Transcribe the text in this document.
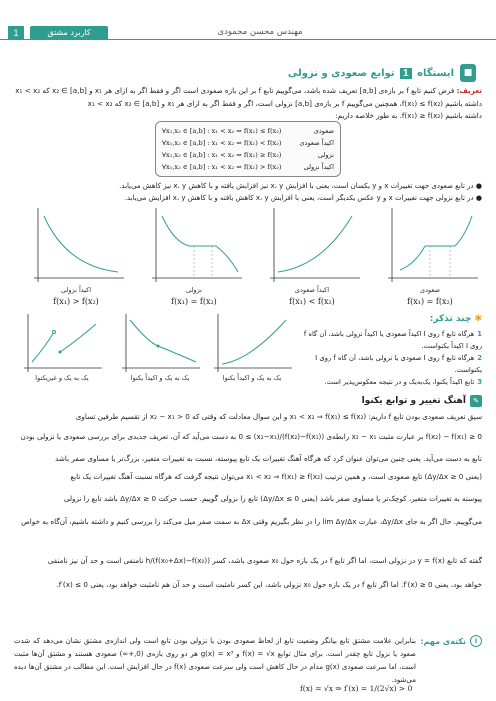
1	کاربرد مشتق	مهندس محسن محمودی
■
ایستگاه 1 توابع صعودی و نزولی
تعریف: فرض کنیم تابع f بر بازه‌ی [a,b] تعریف شده باشد، می‌گوییم تابع f بر این بازه صعودی است اگر و فقط اگر به ازای هر x₁ و x₂ ∈ [a,b] که x₁ < x₂
داشته باشیم f(x₁) ≤ f(x₂)، همچنین می‌گوییم f بر بازه‌ی [a,b] نزولی است، اگر و فقط اگر به ازای هر x₁ و x₂ ∈ [a,b] که x₁ < x₂
داشته باشیم f(x₁) ≥ f(x₂). به طور خلاصه داریم:
صعودی
∀x₁,x₂ ∈ [a,b] : x₁ < x₂ ⇒ f(x₁) ≤ f(x₂)
اکیداً صعودی
∀x₁,x₂ ∈ [a,b] : x₁ < x₂ ⇒ f(x₁) < f(x₂)
نزولی
∀x₁,x₂ ∈ [a,b] : x₁ < x₂ ⇒ f(x₁) ≥ f(x₂)
اکیداً نزولی
∀x₁,x₂ ∈ [a,b] : x₁ < x₂ ⇒ f(x₁) > f(x₂)
● در تابع صعودی جهت تغییرات x و y یکسان است، یعنی با افزایش x، y نیز افزایش یافته و با کاهش x، y نیز کاهش می‌یابد.
● در تابع نزولی جهت تغییرات x و y عکس یکدیگر است، یعنی با افزایش x، y کاهش یافته و با کاهش x، y افزایش می‌یابد.
صعودی
f(x₁) = f(x₂)
اکیداً صعودی
f(x₁) < f(x₂)
نزولی
f(x₁) = f(x₂)
اکیداً نزولی
f(x₁) > f(x₂)
یک به یک و غیریکنوا	یک به یک و اکیداً یکنوا	یک به یک و اکیداً یکنوا
✱ چند تذکر:
1هرگاه تابع f روی I اکیداً صعودی یا اکیداً نزولی باشد، آن گاه f روی I اکیداً یکنواست.
2هرگاه تابع f روی I صعودی یا نزولی باشد، آن گاه f روی I یکنواست.
3تابع اکیداً یکنوا، یک‌به‌یک و در نتیجه معکوس‌پذیر است.
✎
آهنگ تغییر و توابع یکنوا
سیق تعریف صعودی بودن تابع f داریم: x₁ < x₂ ⇒ f(x₁) ≤ f(x₂) و این سوال معادلت که وقتی که x₂ − x₁ > 0 از تقسیم طرفین تساوی
f(x₂) − f(x₁) ≥ 0 بر عبارت مثبت x₂ − x₁ رابطه‌ی (f(x₂)−f(x₁))/(x₂−x₁) ≥ 0 به دست می‌آید که آن، تعریف جدیدی برای بررسی صعودی یا نزولی بودن
تابع به دست می‌آید. یعنی چنین می‌توان عنوان کرد که هرگاه آهنگ تغییرات یک تابع پیوسته، نسبت به تغییرات متغیر، بزرگ‌تر یا مساوی صفر باشد
(یعنی Δy/Δx ≥ 0) تابع صعودی است، و همین ترتیب x₁ < x₂ ⇒ f(x₁) ≥ f(x₂) می‌توان نتیجه گرفت که هرگاه نسبت آهنگ تغییرات یک تابع
پیوسته به تغییرات متغیر، کوچک‌تر یا مساوی صفر باشد (یعنی Δy/Δx ≤ 0) تابع را نزولی گوییم. حسب حرکت Δy/Δx ≥ 0 باشد تابع را نزولی
می‌گوییم. حال اگر به جای Δy/Δx، عبارت lim Δy/Δx را در نظر بگیریم وقتی Δx به سمت صفر میل می‌کند را بررسی کنیم و داشته باشیم، آن‌گاه به خواص
گفته که تابع y = f(x) در نزولی است، اما اگر تابع f در یک بازه حول x₀ صعودی باشد، کسر (f(x₀+Δx)−f(x₀))/h نامنفی است و حد آن نیز نامنفی
خواهد بود، یعنی f′(x) ≥ 0. اما اگر تابع f در یک بازه حول x₀ نزولی باشد، این کسر نامثبت است و حد آن هم نامثبت خواهد بود، یعنی f′(x) ≤ 0.
i
نکته‌ی مهم:
بنابراین علامت مشتق تابع بیانگر وضعیت تابع از لحاظ صعودی بودن یا نزولی بودن تابع است ولی اندازه‌ی مشتق نشان می‌دهد که شدت صعود یا نزول تابع چقدر است. برای مثال توابع f(x) = √x و g(x) = x³ هر دو روی بازه‌ی (0,+∞) صعودی هستند و مشتق آن‌ها مثبت است، اما سرعت صعودی g(x) مدام در حال کاهش است ولی سرعت صعودی f(x) در حال افزایش است. این مطالب در مشتق آن‌ها دیده می‌شود.
f(x) = √x ⇒ f′(x) = 1/(2√x) > 0
